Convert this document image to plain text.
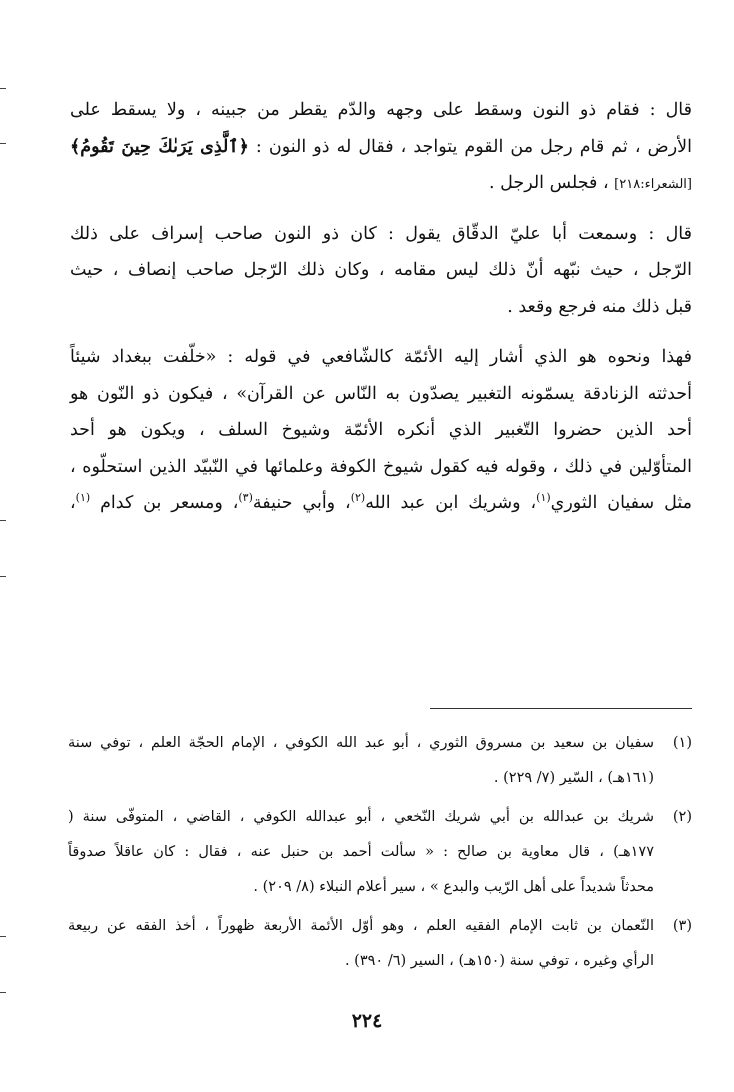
قال : فقام ذو النون وسقط على وجهه والدّم يقطر من جبينه ، ولا يسقط على
الأرض ، ثم قام رجل من القوم يتواجد ، فقال له ذو النون : ﴿ٱلَّذِى يَرَىٰكَ حِينَ تَقُومُ﴾
[الشعراء:٢١٨] ، فجلس الرجل .

قال : وسمعت أبا عليّ الدقّاق يقول : كان ذو النون صاحب إسراف على ذلك
الرّجل ، حيث نبّهه أنّ ذلك ليس مقامه ، وكان ذلك الرّجل صاحب إنصاف ، حيث
قبل ذلك منه فرجع وقعد .

فهذا ونحوه هو الذي أشار إليه الأئمّة كالشّافعي في قوله : «خلّفت ببغداد شيئاً
أحدثته الزنادقة يسمّونه التغبير يصدّون به النّاس عن القرآن» ، فيكون ذو النّون هو
أحد الذين حضروا التّغبير الذي أنكره الأئمّة وشيوخ السلف ، ويكون هو أحد
المتأوّلين في ذلك ، وقوله فيه كقول شيوخ الكوفة وعلمائها في النّبيّد الذين استحلّوه ،
مثل سفيان الثوري$^{(١)}$، وشريك ابن عبد الله$^{(٢)}$، وأبي حنيفة$^{(٣)}$، ومسعر بن كدام $^{(١)}$،

(١)
سفيان بن سعيد بن مسروق الثوري ، أبو عبد الله الكوفي ، الإمام الحجّة العلم ، توفي سنة
(١٦١هـ) ، السّير (٧/ ٢٢٩) .
(٢)
شريك بن عبدالله بن أبي شريك النّخعي ، أبو عبدالله الكوفي ، القاضي ، المتوفّى سنة (
١٧٧هـ) ، قال معاوية بن صالح : « سألت أحمد بن حنبل عنه ، فقال : كان عاقلاً صدوقاً
محدثاً شديداً على أهل الرّيب والبدع » ، سير أعلام النبلاء (٨/ ٢٠٩) .
(٣)
النّعمان بن ثابت الإمام الفقيه العلم ، وهو أوّل الأئمة الأربعة ظهوراً ، أخذ الفقه عن ربيعة
الرأي وغيره ، توفي سنة (١٥٠هـ) ، السير (٦/ ٣٩٠) .
٢٢٤
